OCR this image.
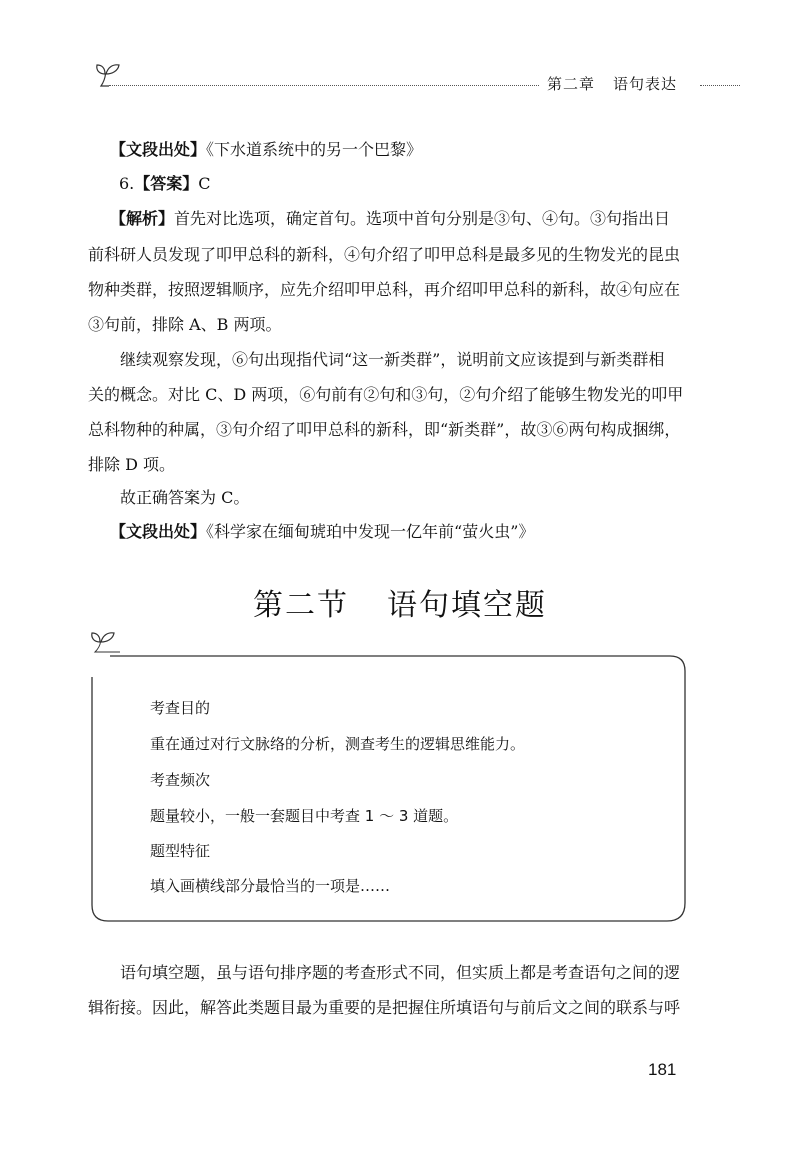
第二章 语句表达
【文段出处】《下水道系统中的另一个巴黎》
6.【答案】C
【解析】首先对比选项，确定首句。选项中首句分别是③句、④句。③句指出日
前科研人员发现了叩甲总科的新科，④句介绍了叩甲总科是最多见的生物发光的昆虫
物种类群，按照逻辑顺序，应先介绍叩甲总科，再介绍叩甲总科的新科，故④句应在
③句前，排除 A、B 两项。
继续观察发现，⑥句出现指代词“这一新类群”，说明前文应该提到与新类群相
关的概念。对比 C、D 两项，⑥句前有②句和③句，②句介绍了能够生物发光的叩甲
总科物种的种属，③句介绍了叩甲总科的新科，即“新类群”，故③⑥两句构成捆绑，
排除 D 项。
故正确答案为 C。
【文段出处】《科学家在缅甸琥珀中发现一亿年前“萤火虫”》
第二节 语句填空题
考查目的
重在通过对行文脉络的分析，测查考生的逻辑思维能力。
考查频次
题量较小，一般一套题目中考查 1 ～ 3 道题。
题型特征
填入画横线部分最恰当的一项是……
语句填空题，虽与语句排序题的考查形式不同，但实质上都是考查语句之间的逻
辑衔接。因此，解答此类题目最为重要的是把握住所填语句与前后文之间的联系与呼
181
